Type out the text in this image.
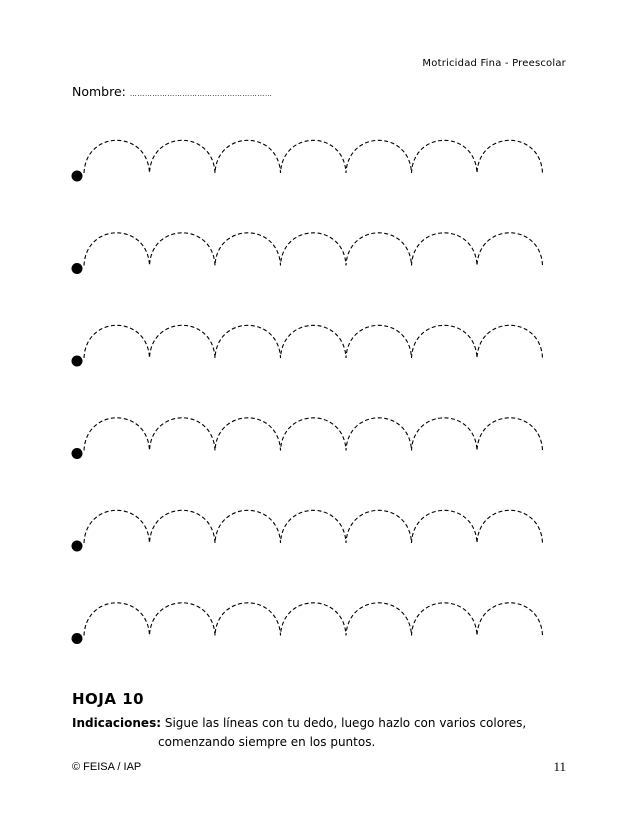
Motricidad Fina - Preescolar
Nombre: …………………………………………………
HOJA 10
Indicaciones: Sigue las líneas con tu dedo, luego hazlo con varios colores,
comenzando siempre en los puntos.
© FEISA / IAP	11
